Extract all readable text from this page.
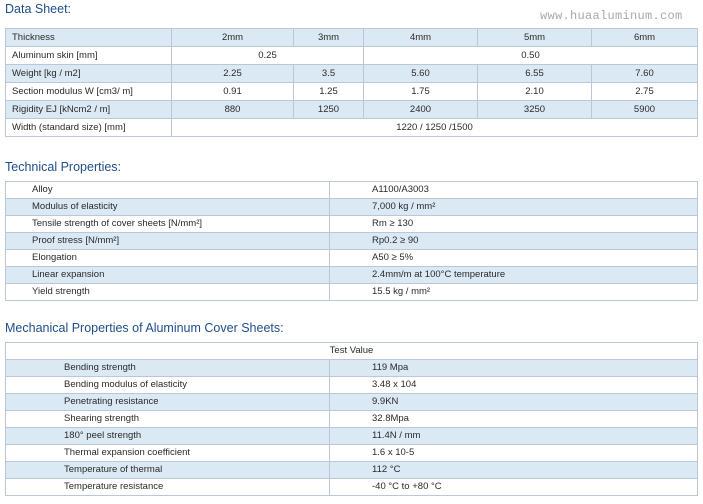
Data Sheet:	www.huaaluminum.com
Thickness	2mm	3mm	4mm	5mm	6mm
Aluminum skin [mm]	0.25		0.50		
Weight [kg / m2]	2.25	3.5	5.60	6.55	7.60
Section modulus W [cm3/ m]	0.91	1.25	1.75	2.10	2.75
Rigidity EJ [kNcm2 / m]	880	1250	2400	3250	5900
Width (standard size) [mm]	1220 / 1250 /1500				
Technical Properties:
Alloy	A1100/A3003
Modulus of elasticity	7,000 kg / mm²
Tensile strength of cover sheets [N/mm²]	Rm ≥ 130
Proof stress [N/mm²]	Rp0.2 ≥ 90
Elongation	A50 ≥ 5%
Linear expansion	2.4mm/m at 100°C temperature
Yield strength	15.5 kg / mm²
Mechanical Properties of Aluminum Cover Sheets:
Test Value	
Bending strength	119 Mpa
Bending modulus of elasticity	3.48 x 104
Penetrating resistance	9.9KN
Shearing strength	32.8Mpa
180° peel strength	11.4N / mm
Thermal expansion coefficient	1.6 x 10-5
Temperature of thermal	112 °C
Temperature resistance	-40 °C to +80 °C
